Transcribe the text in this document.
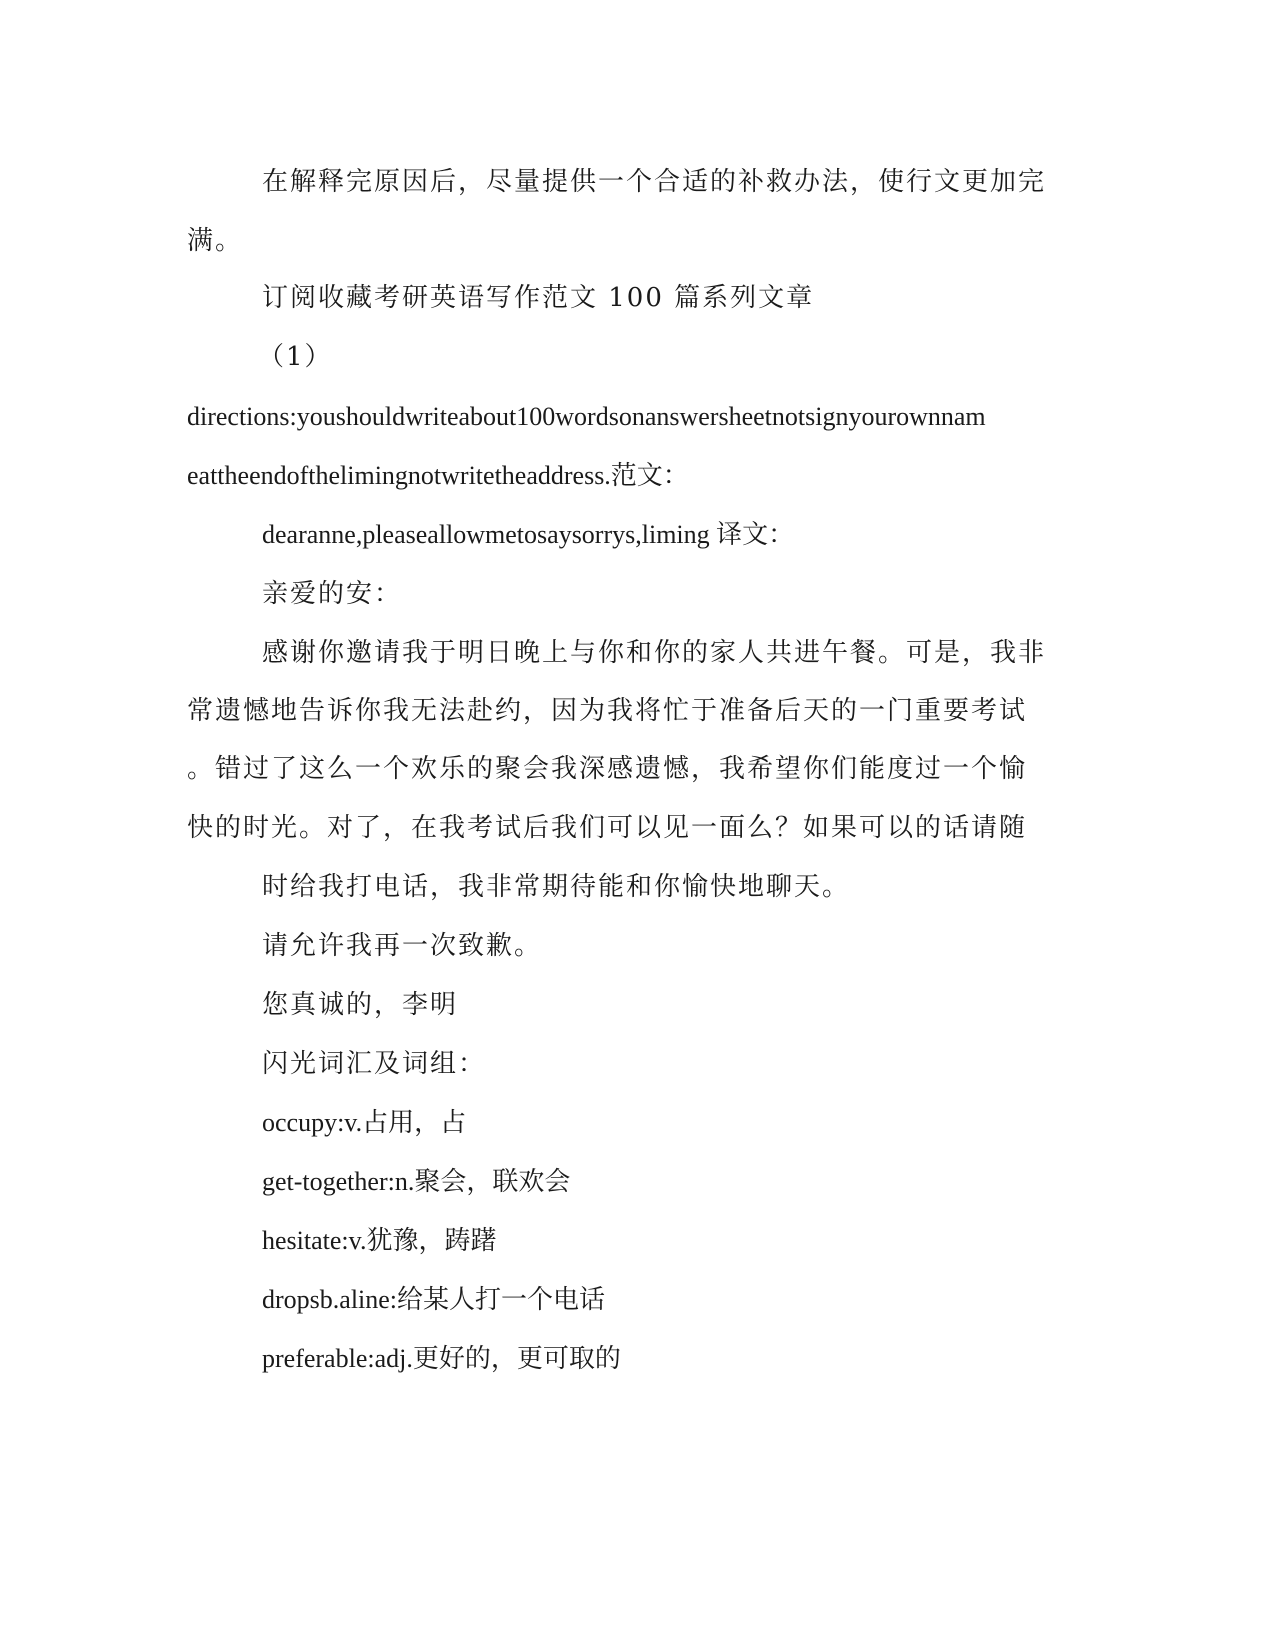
在解释完原因后，尽量提供一个合适的补救办法，使行文更加完
满。
订阅收藏考研英语写作范文 100 篇系列文章
（1）
directions:youshouldwriteabout100wordsonanswersheetnotsignyourownnam
eattheendofthelimingnotwritetheaddress.范文：
dearanne,pleaseallowmetosaysorrys,liming 译文：
亲爱的安：
感谢你邀请我于明日晚上与你和你的家人共进午餐。可是，我非
常遗憾地告诉你我无法赴约，因为我将忙于准备后天的一门重要考试
。错过了这么一个欢乐的聚会我深感遗憾，我希望你们能度过一个愉
快的时光。对了，在我考试后我们可以见一面么？如果可以的话请随
时给我打电话，我非常期待能和你愉快地聊天。
请允许我再一次致歉。
您真诚的，李明
闪光词汇及词组：
occupy:v.占用，占
get-together:n.聚会，联欢会
hesitate:v.犹豫，踌躇
dropsb.aline:给某人打一个电话
preferable:adj.更好的，更可取的
